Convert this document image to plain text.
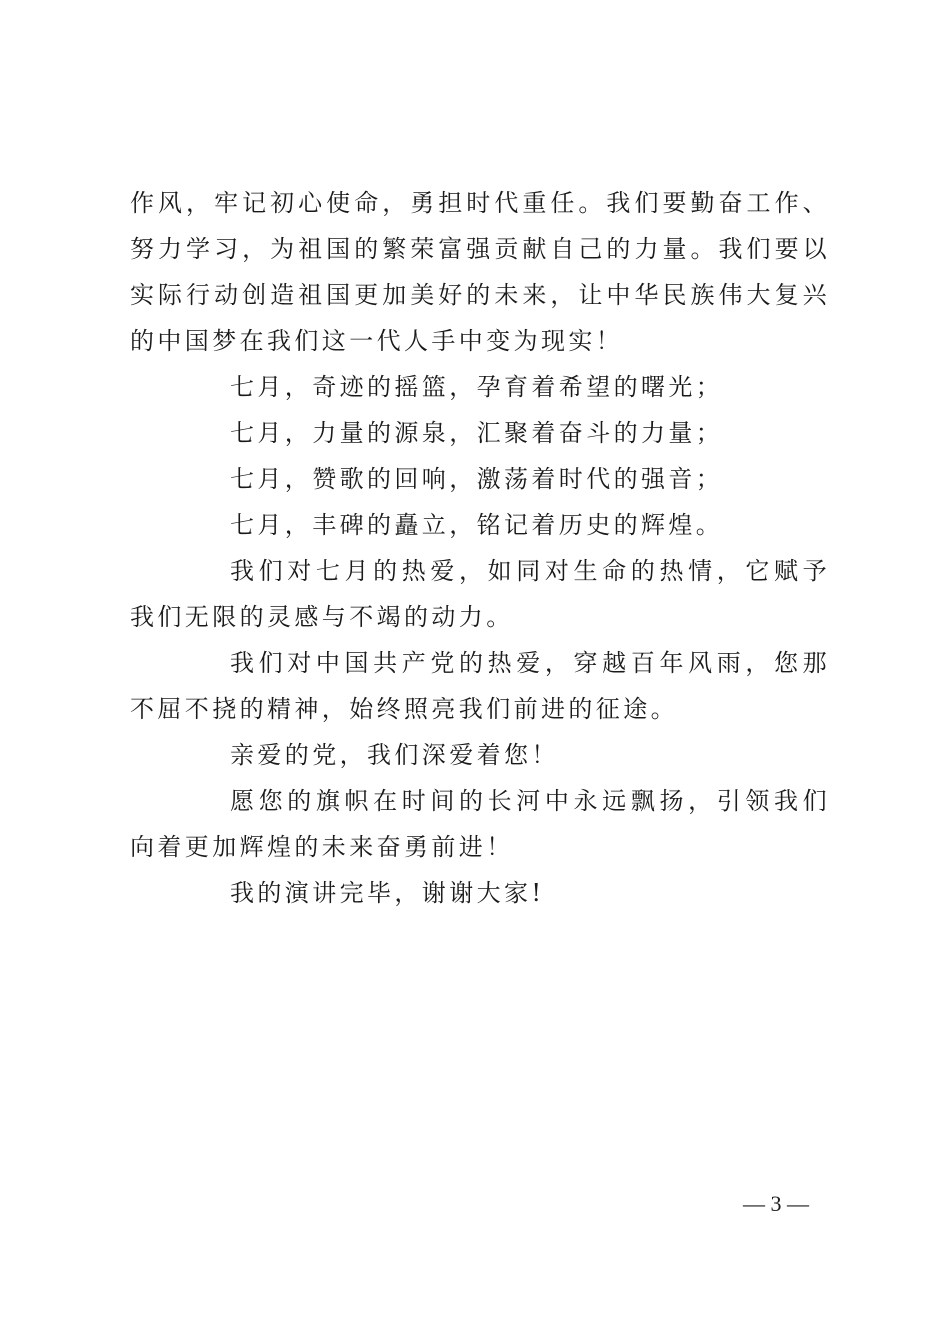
作风，牢记初心使命，勇担时代重任。我们要勤奋工作、努力学习，为祖国的繁荣富强贡献自己的力量。我们要以实际行动创造祖国更加美好的未来，让中华民族伟大复兴的中国梦在我们这一代人手中变为现实！

七月，奇迹的摇篮，孕育着希望的曙光；

七月，力量的源泉，汇聚着奋斗的力量；

七月，赞歌的回响，激荡着时代的强音；

七月，丰碑的矗立，铭记着历史的辉煌。

我们对七月的热爱，如同对生命的热情，它赋予我们无限的灵感与不竭的动力。

我们对中国共产党的热爱，穿越百年风雨，您那不屈不挠的精神，始终照亮我们前进的征途。

亲爱的党，我们深爱着您！

愿您的旗帜在时间的长河中永远飘扬，引领我们向着更加辉煌的未来奋勇前进！

我的演讲完毕，谢谢大家!

— 3 —
